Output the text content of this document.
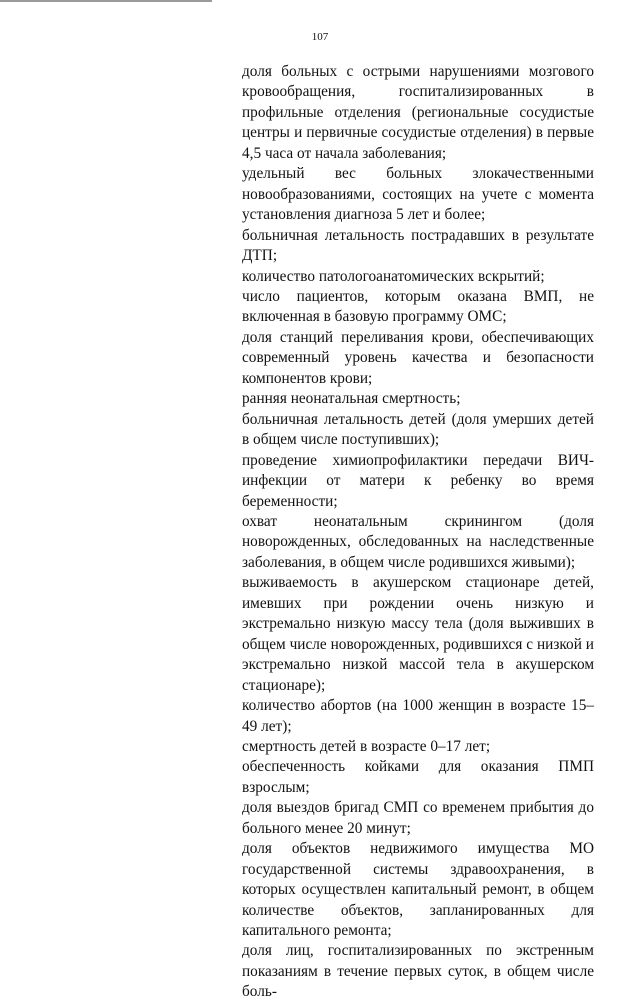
107
доля больных с острыми нарушениями мозгового кровообращения, госпитализированных в профильные отделения (региональные сосудистые центры и первичные сосудистые отделения) в первые 4,5 часа от начала заболевания;
удельный вес больных злокачественными новообразованиями, состоящих на учете с момента установления диагноза 5 лет и более;
больничная летальность пострадавших в результате ДТП;
количество патологоанатомических вскрытий;
число пациентов, которым оказана ВМП, не включенная в базовую программу ОМС;
доля станций переливания крови, обеспечивающих современный уровень качества и безопасности компонентов крови;
ранняя неонатальная смертность;
больничная летальность детей (доля умерших детей в общем числе поступивших);
проведение химиопрофилактики передачи ВИЧ-инфекции от матери к ребенку во время беременности;
охват неонатальным скринингом (доля новорожденных, обследованных на наследственные заболевания, в общем числе родившихся живыми);
выживаемость в акушерском стационаре детей, имевших при рождении очень низкую и экстремально низкую массу тела (доля выживших в общем числе новорожденных, родившихся с низкой и экстремально низкой массой тела в акушерском стационаре);
количество абортов (на 1000 женщин в возрасте 15–49 лет);
смертность детей в возрасте 0–17 лет;
обеспеченность койками для оказания ПМП взрослым;
доля выездов бригад СМП со временем прибытия до больного менее 20 минут;
доля объектов недвижимого имущества МО государственной системы здравоохранения, в которых осуществлен капитальный ремонт, в общем количестве объектов, запланированных для капитального ремонта;
доля лиц, госпитализированных по экстренным показаниям в течение первых суток, в общем числе боль-
